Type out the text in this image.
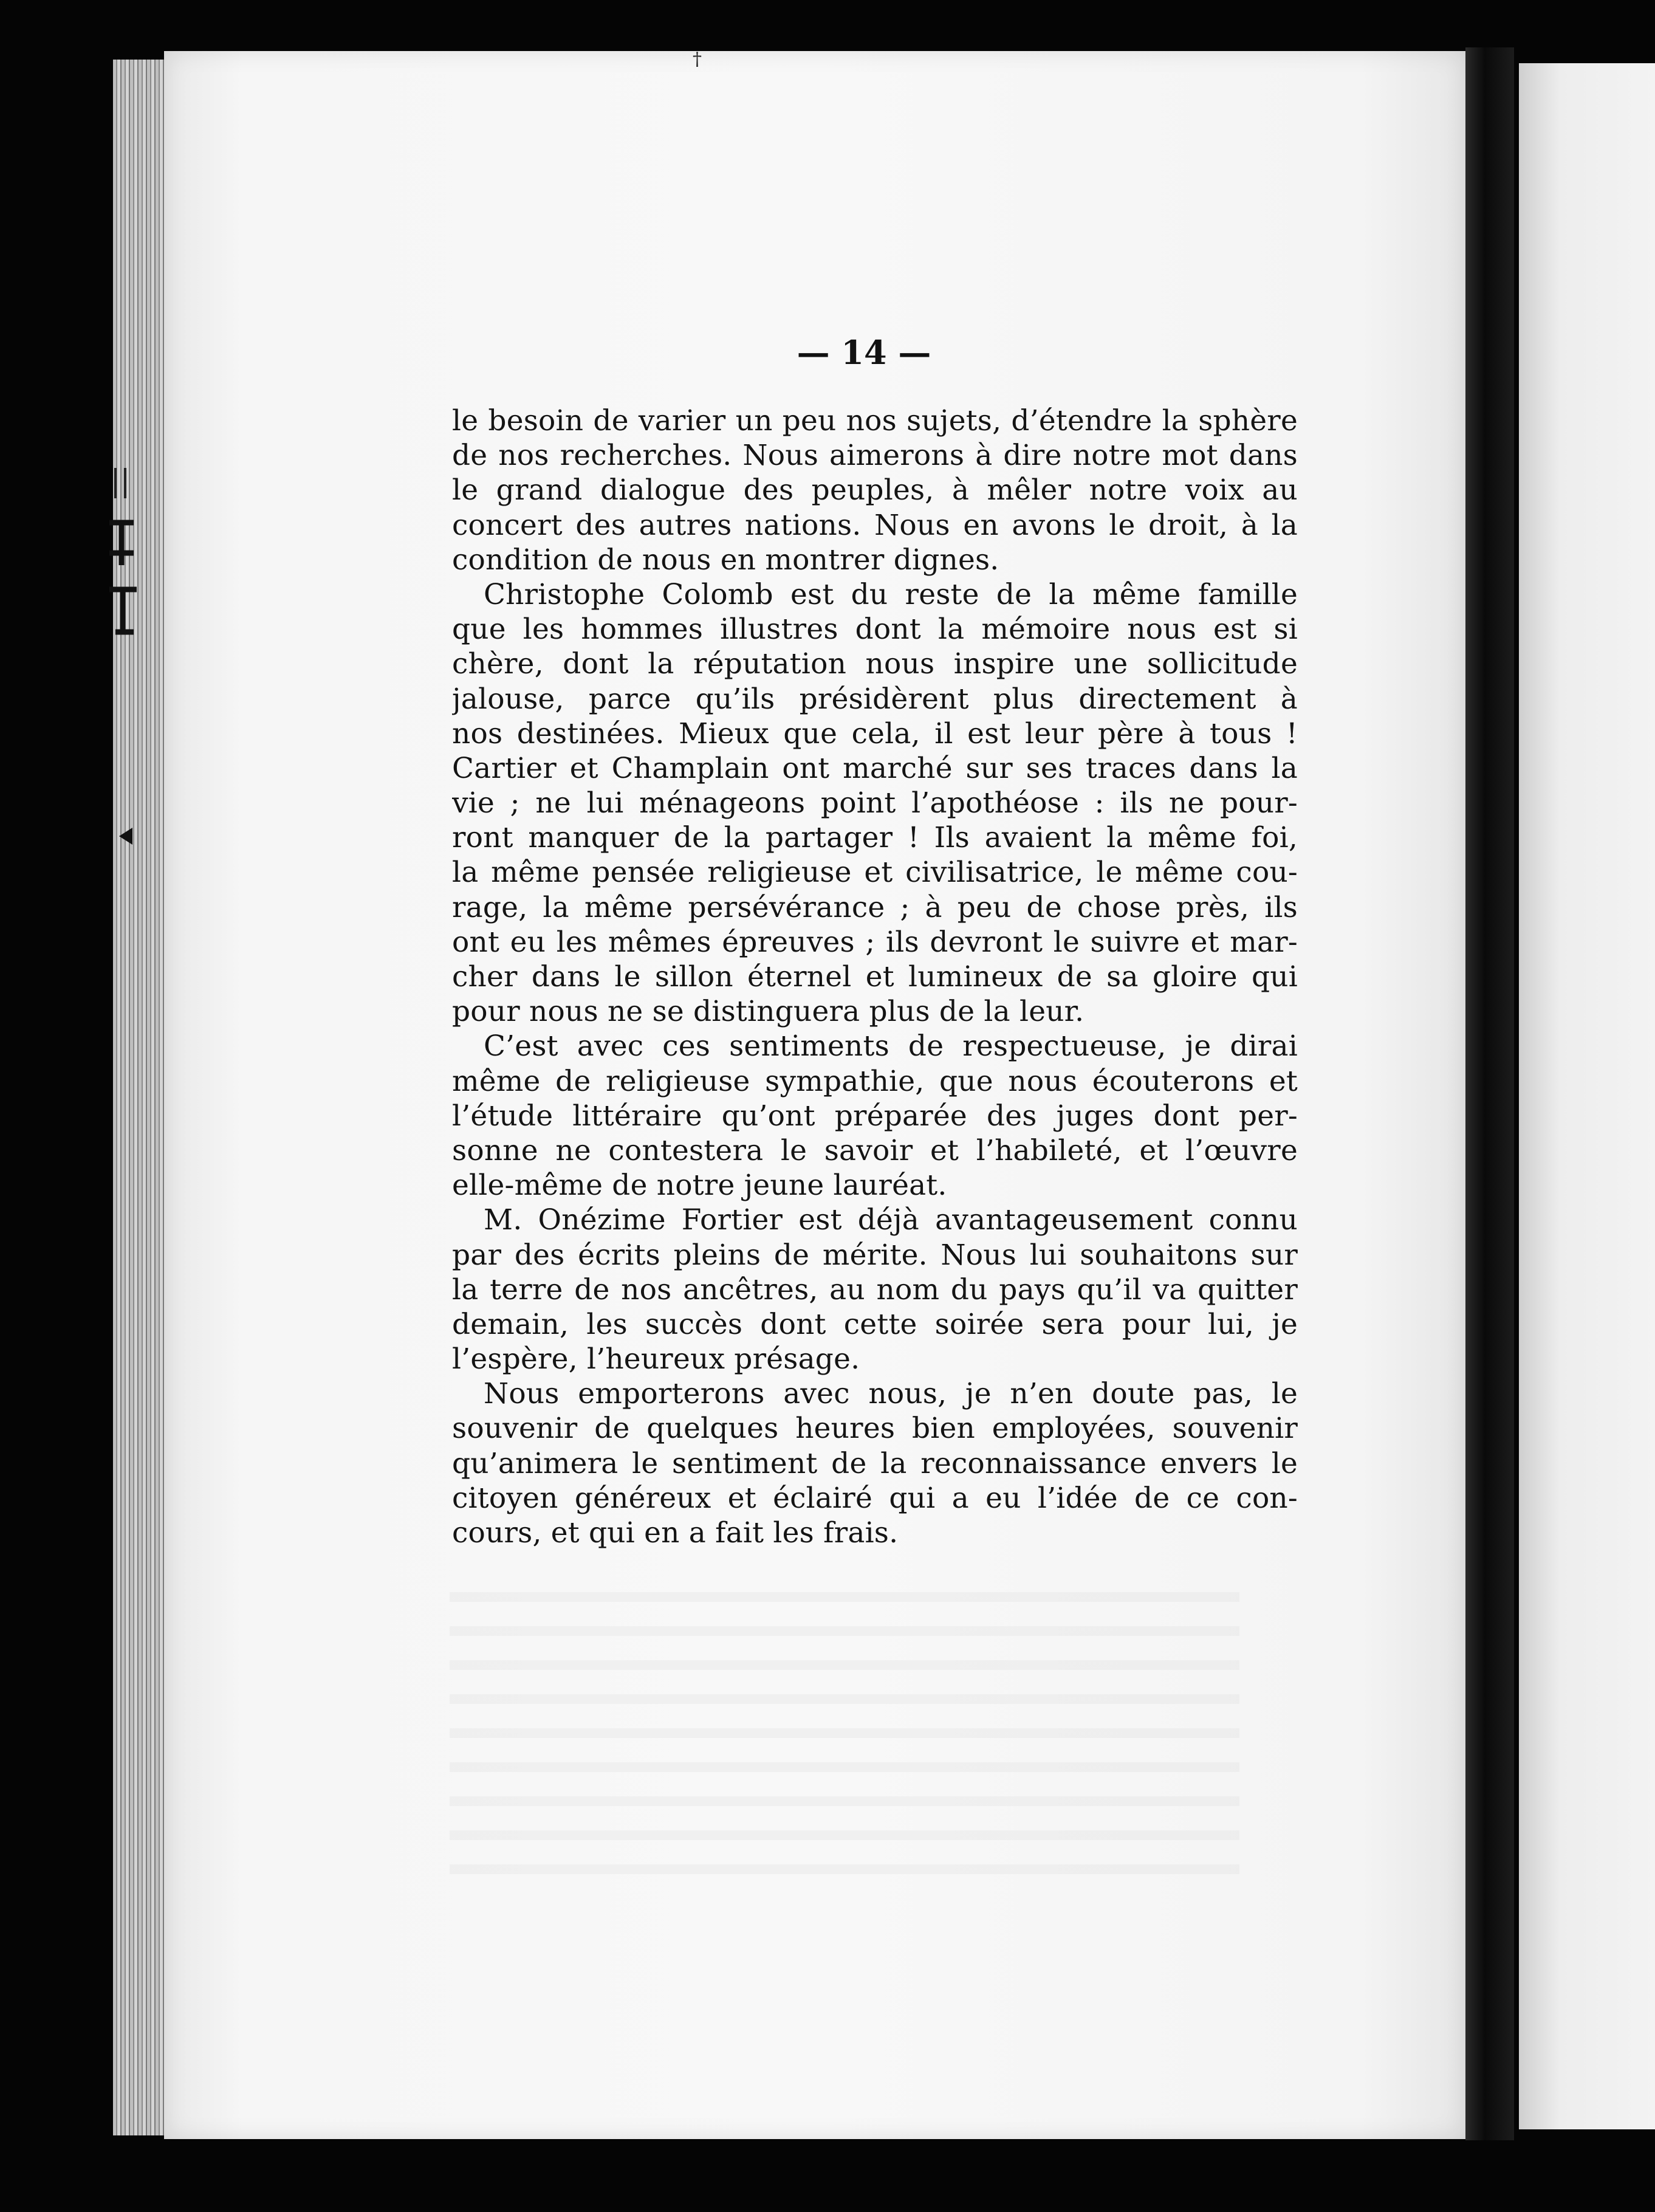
†
— 14 —
le besoin de varier un peu nos sujets, d’étendre la sphère
de nos recherches. Nous aimerons à dire notre mot dans
le grand dialogue des peuples, à mêler notre voix au
concert des autres nations. Nous en avons le droit, à la
condition de nous en montrer dignes.
Christophe Colomb est du reste de la même famille
que les hommes illustres dont la mémoire nous est si
chère, dont la réputation nous inspire une sollicitude
jalouse, parce qu’ils présidèrent plus directement à
nos destinées. Mieux que cela, il est leur père à tous !
Cartier et Champlain ont marché sur ses traces dans la
vie ; ne lui ménageons point l’apothéose : ils ne pour-
ront manquer de la partager ! Ils avaient la même foi,
la même pensée religieuse et civilisatrice, le même cou-
rage, la même persévérance ; à peu de chose près, ils
ont eu les mêmes épreuves ; ils devront le suivre et mar-
cher dans le sillon éternel et lumineux de sa gloire qui
pour nous ne se distinguera plus de la leur.
C’est avec ces sentiments de respectueuse, je dirai
même de religieuse sympathie, que nous écouterons et
l’étude littéraire qu’ont préparée des juges dont per-
sonne ne contestera le savoir et l’habileté, et l’œuvre
elle-même de notre jeune lauréat.
M. Onézime Fortier est déjà avantageusement connu
par des écrits pleins de mérite. Nous lui souhaitons sur
la terre de nos ancêtres, au nom du pays qu’il va quitter
demain, les succès dont cette soirée sera pour lui, je
l’espère, l’heureux présage.
Nous emporterons avec nous, je n’en doute pas, le
souvenir de quelques heures bien employées, souvenir
qu’animera le sentiment de la reconnaissance envers le
citoyen généreux et éclairé qui a eu l’idée de ce con-
cours, et qui en a fait les frais.
